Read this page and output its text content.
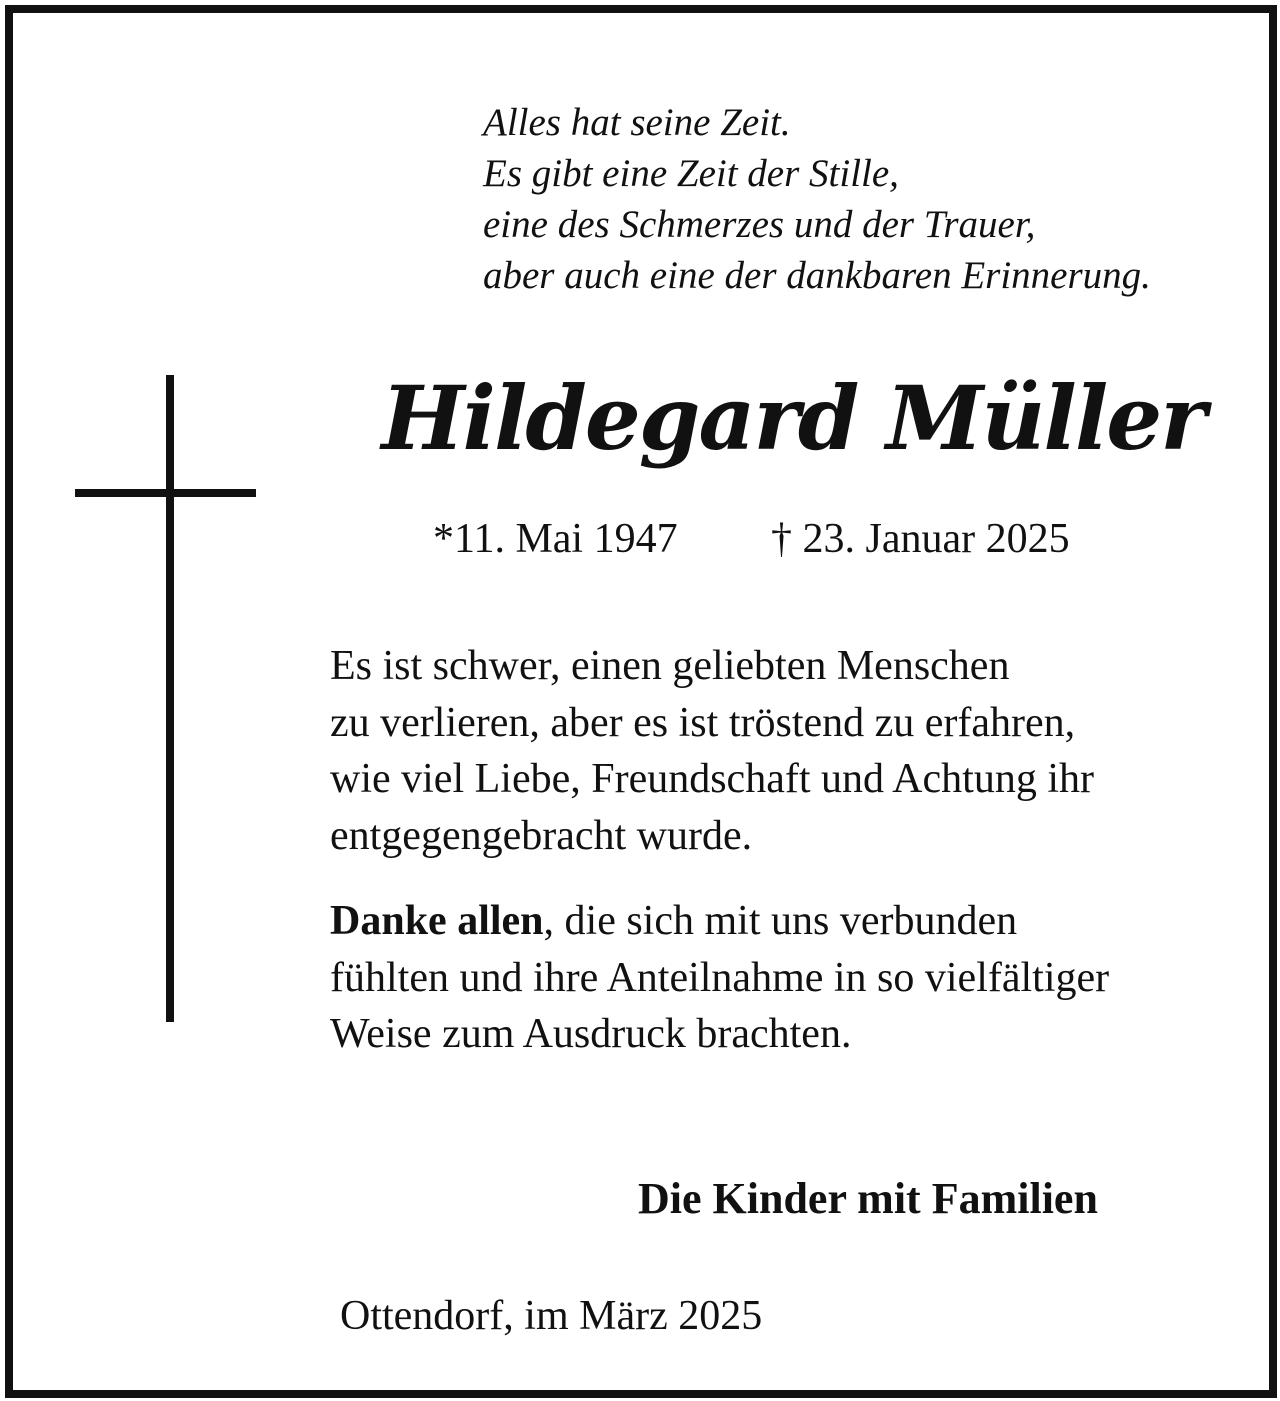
Alles hat seine Zeit.
Es gibt eine Zeit der Stille,
eine des Schmerzes und der Trauer,
aber auch eine der dankbaren Erinnerung.
Hildegard Müller
*11. Mai 1947 † 23. Januar 2025
Es ist schwer, einen geliebten Menschen
zu verlieren, aber es ist tröstend zu erfahren,
wie viel Liebe, Freundschaft und Achtung ihr
entgegengebracht wurde.
Danke allen, die sich mit uns verbunden
fühlten und ihre Anteilnahme in so vielfältiger
Weise zum Ausdruck brachten.
Die Kinder mit Familien
Ottendorf, im März 2025
